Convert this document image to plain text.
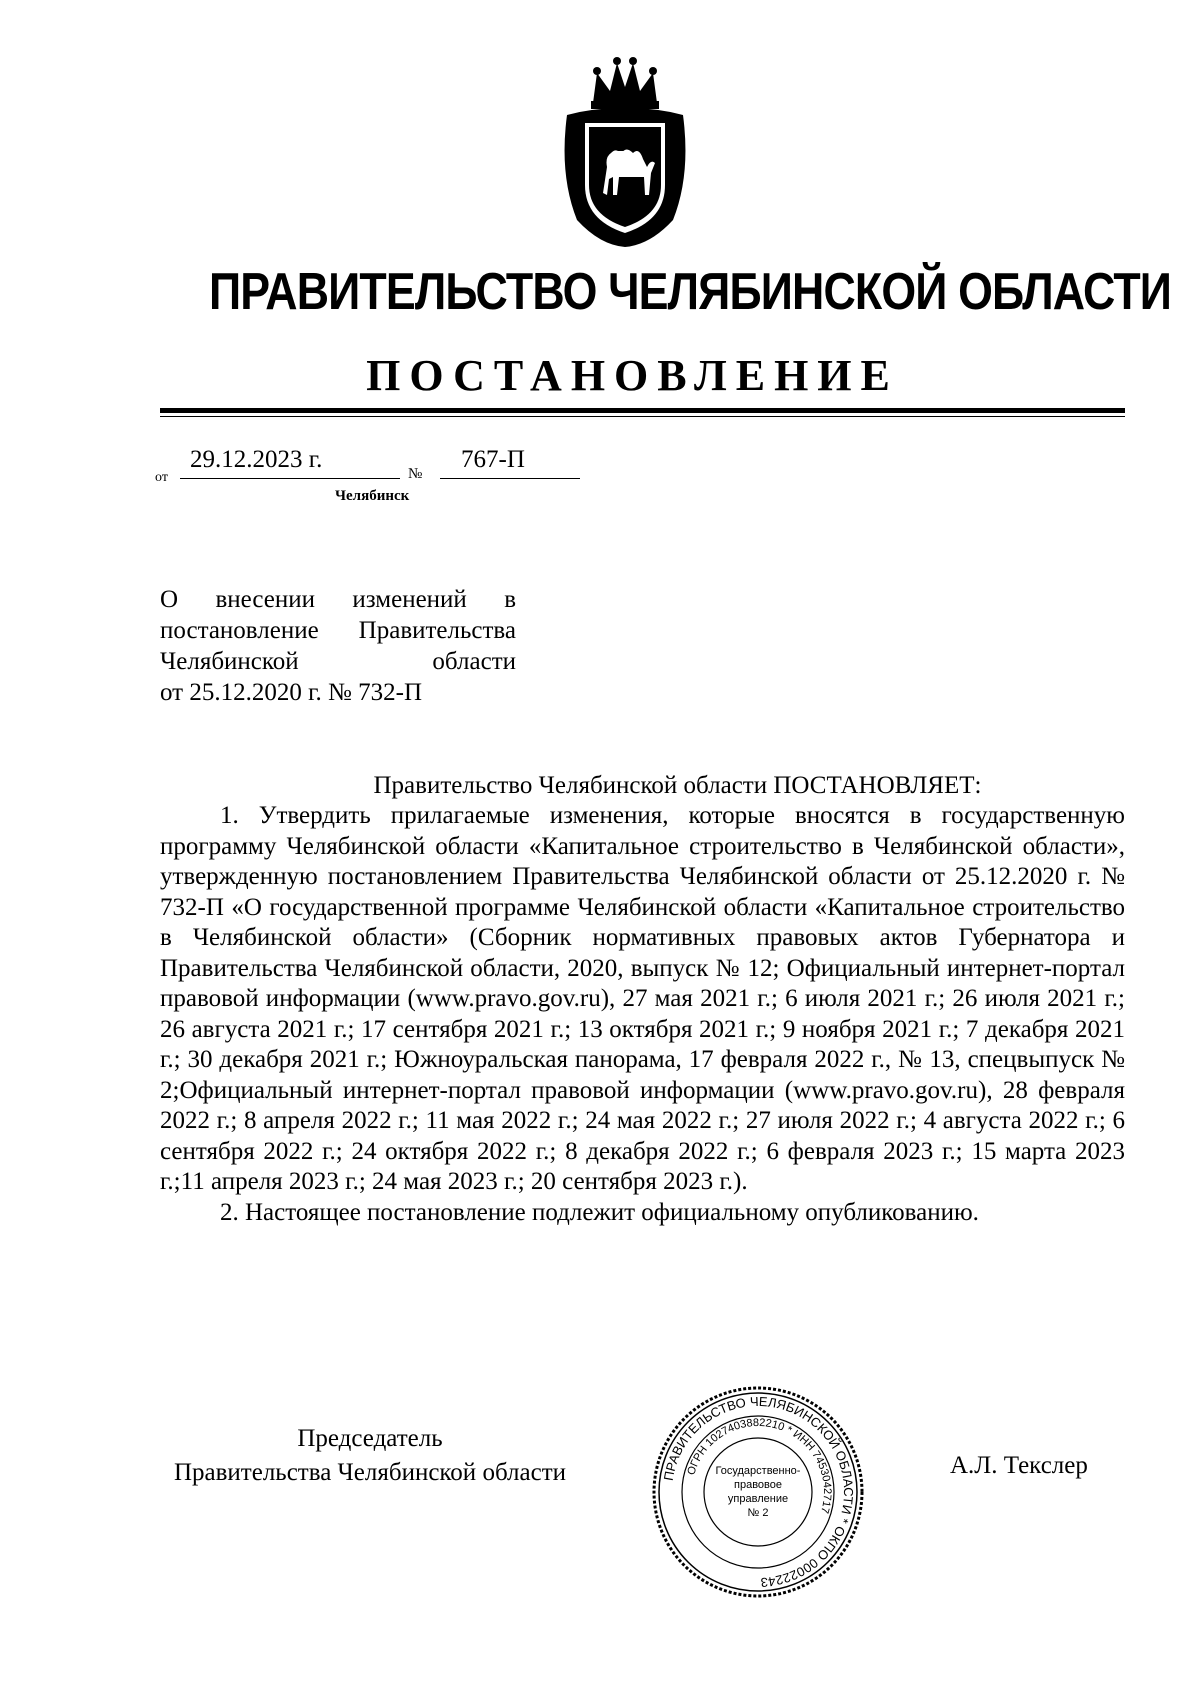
ПРАВИТЕЛЬСТВО ЧЕЛЯБИНСКОЙ ОБЛАСТИ
ПОСТАНОВЛЕНИЕ
от
29.12.2023 г.
№
767-П
Челябинск
О внесении изменений в
постановление Правительства
Челябинской области
от 25.12.2020 г. № 732-П
Правительство Челябинской области ПОСТАНОВЛЯЕТ:

1. Утвердить прилагаемые изменения, которые вносятся в государственную программу Челябинской области «Капитальное строительство в Челябинской области», утвержденную постановлением Правительства Челябинской области от 25.12.2020 г. № 732-П «О государственной программе Челябинской области «Капитальное строительство в Челябинской области» (Сборник нормативных правовых актов Губернатора и Правительства Челябинской области, 2020, выпуск № 12; Официальный интернет-портал правовой информации (www.pravo.gov.ru), 27 мая 2021 г.; 6 июля 2021 г.; 26 июля 2021 г.; 26 августа 2021 г.; 17 сентября 2021 г.; 13 октября 2021 г.; 9 ноября 2021 г.; 7 декабря 2021 г.; 30 декабря 2021 г.; Южноуральская панорама, 17 февраля 2022 г., № 13, спецвыпуск № 2;Официальный интернет-портал правовой информации (www.pravo.gov.ru), 28 февраля 2022 г.; 8 апреля 2022 г.; 11 мая 2022 г.; 24 мая 2022 г.; 27 июля 2022 г.; 4 августа 2022 г.; 6 сентября 2022 г.; 24 октября 2022 г.; 8 декабря 2022 г.; 6 февраля 2023 г.; 15 марта 2023 г.;11 апреля 2023 г.; 24 мая 2023 г.; 20 сентября 2023 г.).

2. Настоящее постановление подлежит официальному опубликованию.

Председатель
Правительства Челябинской области	А.Л. Текслер
ПРАВИТЕЛЬСТВО ЧЕЛЯБИНСКОЙ ОБЛАСТИ * ОКПО 00022243
ОГРН 1027403882210 * ИНН 7453042717
Государственно-
правовое
управление
№ 2
